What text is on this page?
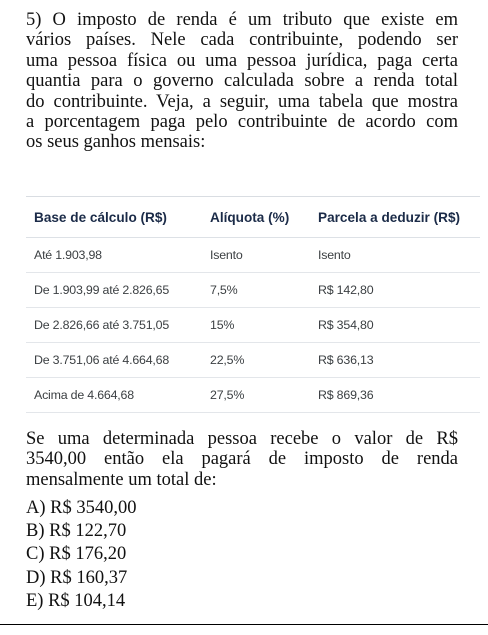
5) O imposto de renda é um tributo que existe em
vários países. Nele cada contribuinte, podendo ser
uma pessoa física ou uma pessoa jurídica, paga certa
quantia para o governo calculada sobre a renda total
do contribuinte. Veja, a seguir, uma tabela que mostra
a porcentagem paga pelo contribuinte de acordo com
os seus ganhos mensais:
Base de cálculo (R$)	Alíquota (%)	Parcela a deduzir (R$)
Até 1.903,98	Isento	Isento
De 1.903,99 até 2.826,65	7,5%	R$ 142,80
De 2.826,66 até 3.751,05	15%	R$ 354,80
De 3.751,06 até 4.664,68	22,5%	R$ 636,13
Acima de 4.664,68	27,5%	R$ 869,36
Se uma determinada pessoa recebe o valor de R$
3540,00 então ela pagará de imposto de renda
mensalmente um total de:
A) R$ 3540,00
B) R$ 122,70
C) R$ 176,20
D) R$ 160,37
E) R$ 104,14
